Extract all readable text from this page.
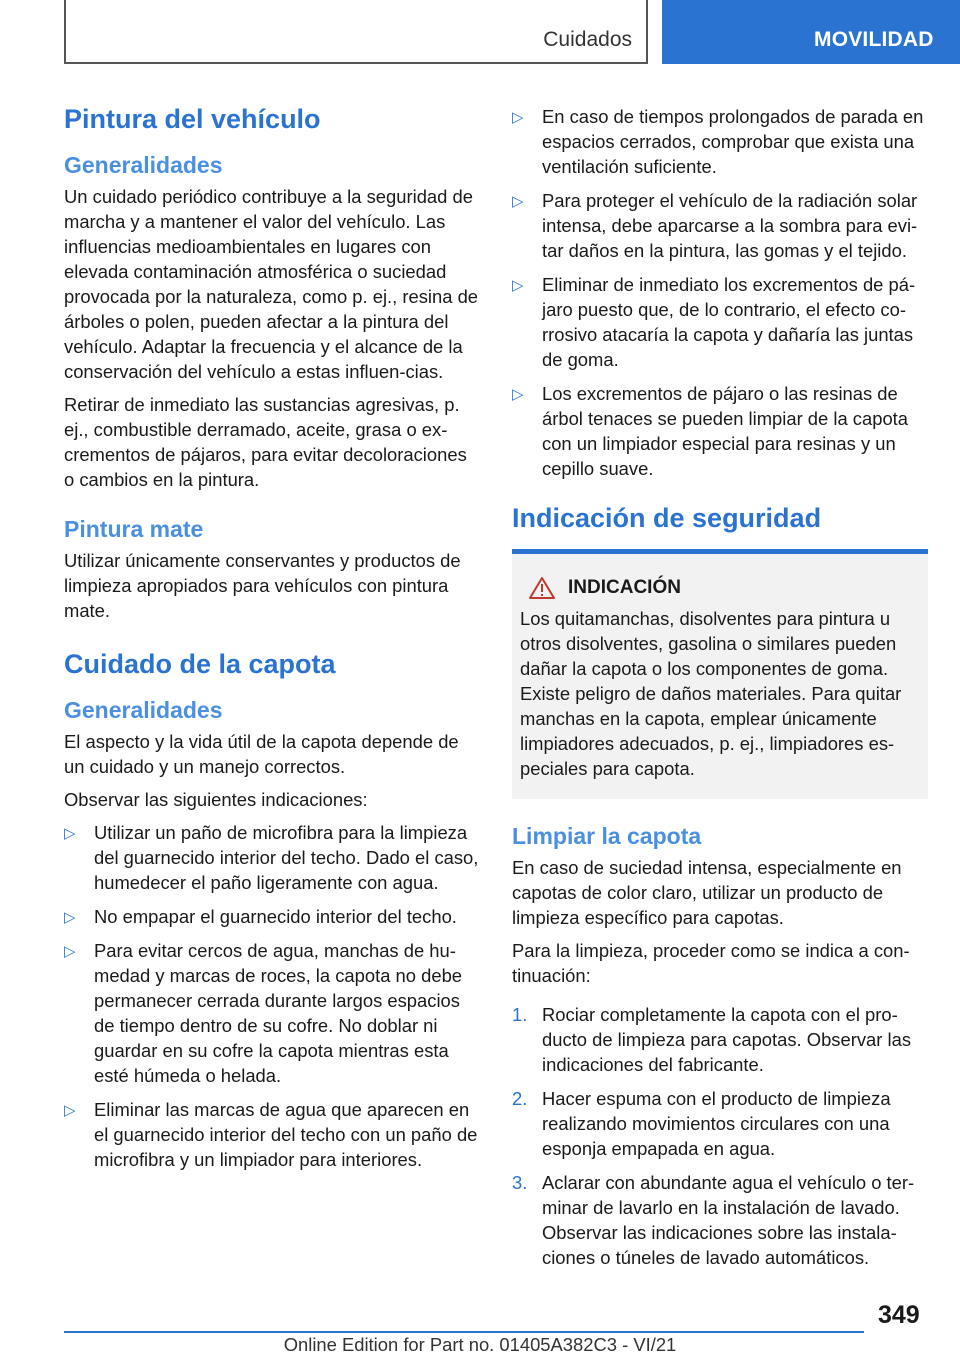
Cuidados	MOVILIDAD
Pintura del vehículo
Generalidades

Un cuidado periódico contribuye a la seguridad de marcha y a mantener el valor del vehículo. Las influencias medioambientales en lugares con elevada contaminación atmosférica o suciedad provocada por la naturaleza, como p. ej., resina de árboles o polen, pueden afectar a la pintura del vehículo. Adaptar la frecuencia y el alcance de la conservación del vehículo a estas influen‐cias.

Retirar de inmediato las sustancias agresivas, p. ej., combustible derramado, aceite, grasa o ex‐crementos de pájaros, para evitar decoloraciones o cambios en la pintura.

Pintura mate

Utilizar únicamente conservantes y productos de limpieza apropiados para vehículos con pintura mate.

Cuidado de la capota
Generalidades

El aspecto y la vida útil de la capota depende de un cuidado y un manejo correctos.

Observar las siguientes indicaciones:

▷ Utilizar un paño de microfibra para la limpieza del guarnecido interior del techo. Dado el caso, humedecer el paño ligeramente con agua.
▷ No empapar el guarnecido interior del techo.
▷ Para evitar cercos de agua, manchas de hu‐medad y marcas de roces, la capota no debe permanecer cerrada durante largos espacios de tiempo dentro de su cofre. No doblar ni guardar en su cofre la capota mientras esta esté húmeda o helada.
▷ Eliminar las marcas de agua que aparecen en el guarnecido interior del techo con un paño de microfibra y un limpiador para interiores.
▷ En caso de tiempos prolongados de parada en espacios cerrados, comprobar que exista una ventilación suficiente.
▷ Para proteger el vehículo de la radiación solar intensa, debe aparcarse a la sombra para evi‐tar daños en la pintura, las gomas y el tejido.
▷ Eliminar de inmediato los excrementos de pá‐jaro puesto que, de lo contrario, el efecto co‐rrosivo atacaría la capota y dañaría las juntas de goma.
▷ Los excrementos de pájaro o las resinas de árbol tenaces se pueden limpiar de la capota con un limpiador especial para resinas y un cepillo suave.
Indicación de seguridad
INDICACIÓN

Los quitamanchas, disolventes para pintura u otros disolventes, gasolina o similares pueden dañar la capota o los componentes de goma. Existe peligro de daños materiales. Para quitar manchas en la capota, emplear únicamente limpiadores adecuados, p. ej., limpiadores es‐peciales para capota.

Limpiar la capota

En caso de suciedad intensa, especialmente en capotas de color claro, utilizar un producto de limpieza específico para capotas.

Para la limpieza, proceder como se indica a con‐tinuación:

1. Rociar completamente la capota con el pro‐ducto de limpieza para capotas. Observar las indicaciones del fabricante.
2. Hacer espuma con el producto de limpieza realizando movimientos circulares con una esponja empapada en agua.
3. Aclarar con abundante agua el vehículo o ter‐minar de lavarlo en la instalación de lavado. Observar las indicaciones sobre las instala‐ciones o túneles de lavado automáticos.
349
Online Edition for Part no. 01405A382C3 - VI/21
